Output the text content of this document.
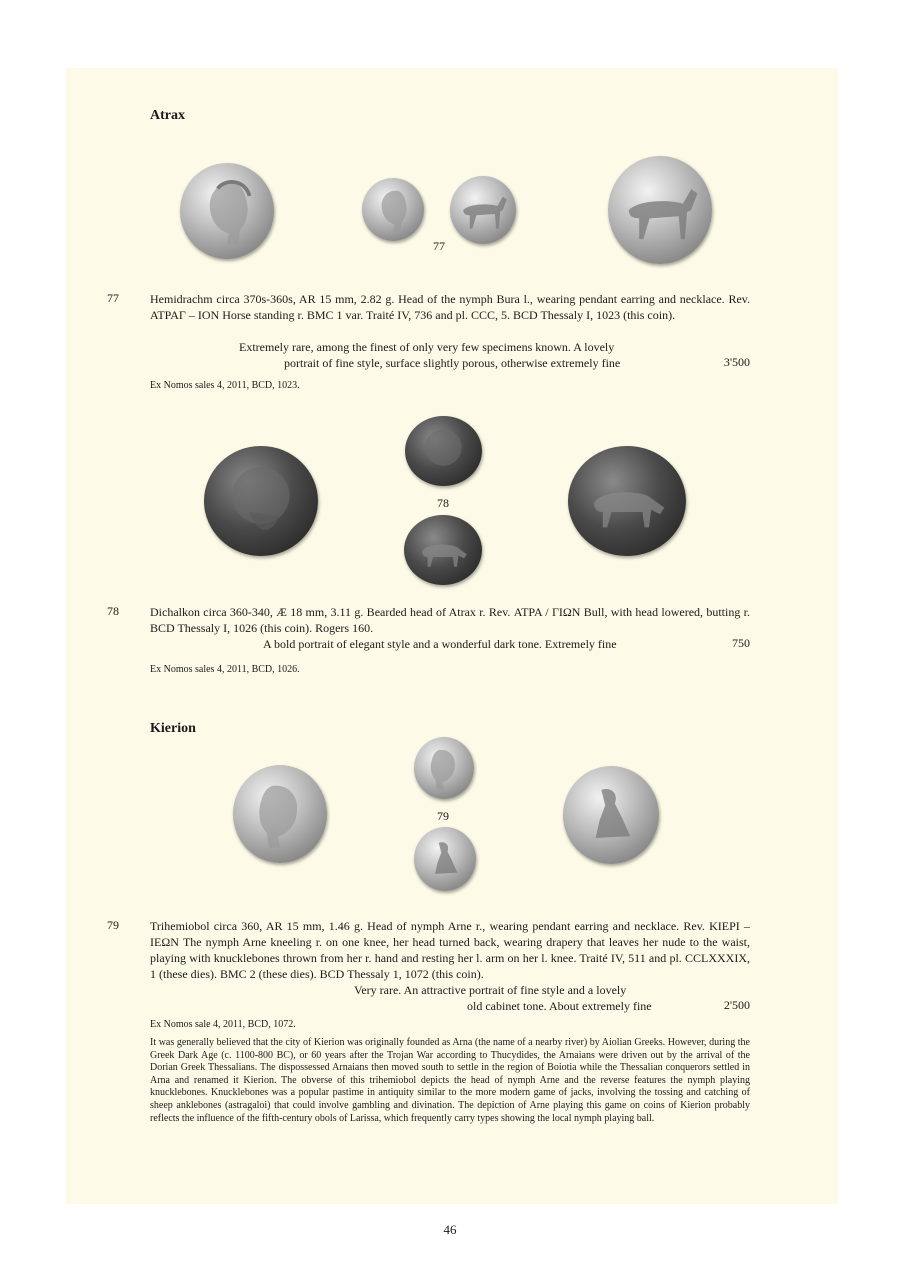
Atrax
77
77	Hemidrachm circa 370s-360s, AR 15 mm, 2.82 g. Head of the nymph Bura l., wearing pendant earring and necklace. Rev. ΑΤΡΑΓ – ΙΟΝ Horse standing r. BMC 1 var. Traité IV, 736 and pl. CCC, 5. BCD Thessaly I, 1023 (this coin).
Extremely rare, among the finest of only very few specimens known. A lovely
portrait of fine style, surface slightly porous, otherwise extremely fine	3'500
Ex Nomos sales 4, 2011, BCD, 1023.
78
78	Dichalkon circa 360-340, Æ 18 mm, 3.11 g. Bearded head of Atrax r. Rev. ΑΤΡΑ / ΓΙΩΝ Bull, with head lowered, butting r. BCD Thessaly I, 1026 (this coin). Rogers 160.
A bold portrait of elegant style and a wonderful dark tone. Extremely fine	750
Ex Nomos sales 4, 2011, BCD, 1026.
Kierion
79
79	Trihemiobol circa 360, AR 15 mm, 1.46 g. Head of nymph Arne r., wearing pendant earring and necklace. Rev. ΚΙΕΡΙ – ΙΕΩΝ The nymph Arne kneeling r. on one knee, her head turned back, wearing drapery that leaves her nude to the waist, playing with knucklebones thrown from her r. hand and resting her l. arm on her l. knee. Traité IV, 511 and pl. CCLXXXIX, 1 (these dies). BMC 2 (these dies). BCD Thessaly 1, 1072 (this coin).
Very rare. An attractive portrait of fine style and a lovely
old cabinet tone. About extremely fine	2'500
Ex Nomos sale 4, 2011, BCD, 1072.
It was generally believed that the city of Kierion was originally founded as Arna (the name of a nearby river) by Aiolian Greeks. However, during the Greek Dark Age (c. 1100-800 BC), or 60 years after the Trojan War according to Thucydides, the Arnaians were driven out by the arrival of the Dorian Greek Thessalians. The dispossessed Arnaians then moved south to settle in the region of Boiotia while the Thessalian conquerors settled in Arna and renamed it Kierion. The obverse of this trihemiobol depicts the head of nymph Arne and the reverse features the nymph playing knucklebones. Knucklebones was a popular pastime in antiquity similar to the more modern game of jacks, involving the tossing and catching of sheep anklebones (astragaloi) that could involve gambling and divination. The depiction of Arne playing this game on coins of Kierion probably reflects the influence of the fifth-century obols of Larissa, which frequently carry types showing the local nymph playing ball.
46
